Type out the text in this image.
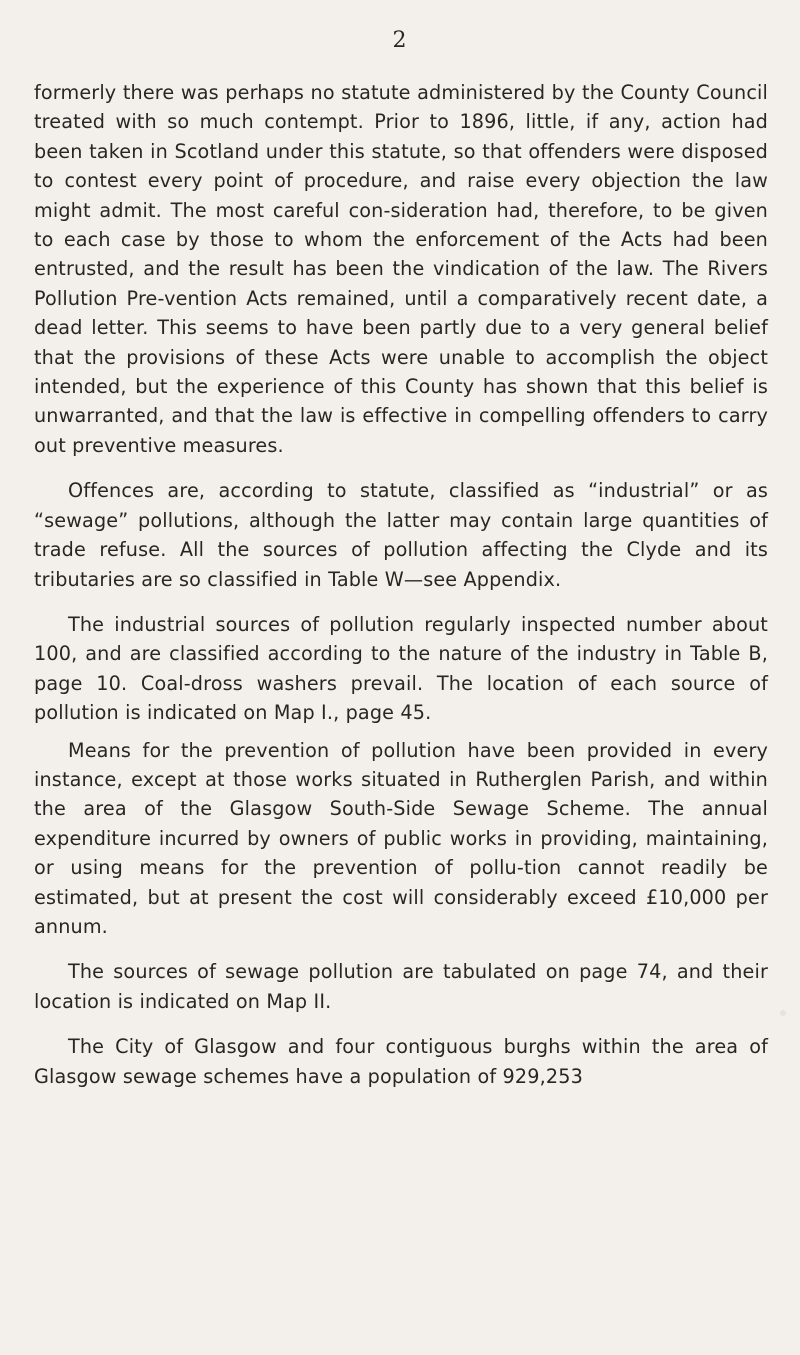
2

formerly there was perhaps no statute administered by the County Council treated with so much contempt. Prior to 1896, little, if any, action had been taken in Scotland under this statute, so that offenders were disposed to contest every point of procedure, and raise every objection the law might admit. The most careful con-sideration had, therefore, to be given to each case by those to whom the enforcement of the Acts had been entrusted, and the result has been the vindication of the law. The Rivers Pollution Pre-vention Acts remained, until a comparatively recent date, a dead letter. This seems to have been partly due to a very general belief that the provisions of these Acts were unable to accomplish the object intended, but the experience of this County has shown that this belief is unwarranted, and that the law is effective in compelling offenders to carry out preventive measures.

Offences are, according to statute, classified as “industrial” or as “sewage” pollutions, although the latter may contain large quantities of trade refuse. All the sources of pollution affecting the Clyde and its tributaries are so classified in Table W—see Appendix.

The industrial sources of pollution regularly inspected number about 100, and are classified according to the nature of the industry in Table B, page 10. Coal-dross washers prevail. The location of each source of pollution is indicated on Map I., page 45.

Means for the prevention of pollution have been provided in every instance, except at those works situated in Rutherglen Parish, and within the area of the Glasgow South-Side Sewage Scheme. The annual expenditure incurred by owners of public works in providing, maintaining, or using means for the prevention of pollu-tion cannot readily be estimated, but at present the cost will considerably exceed £10,000 per annum.

The sources of sewage pollution are tabulated on page 74, and their location is indicated on Map II.

The City of Glasgow and four contiguous burghs within the area of Glasgow sewage schemes have a population of 929,253
